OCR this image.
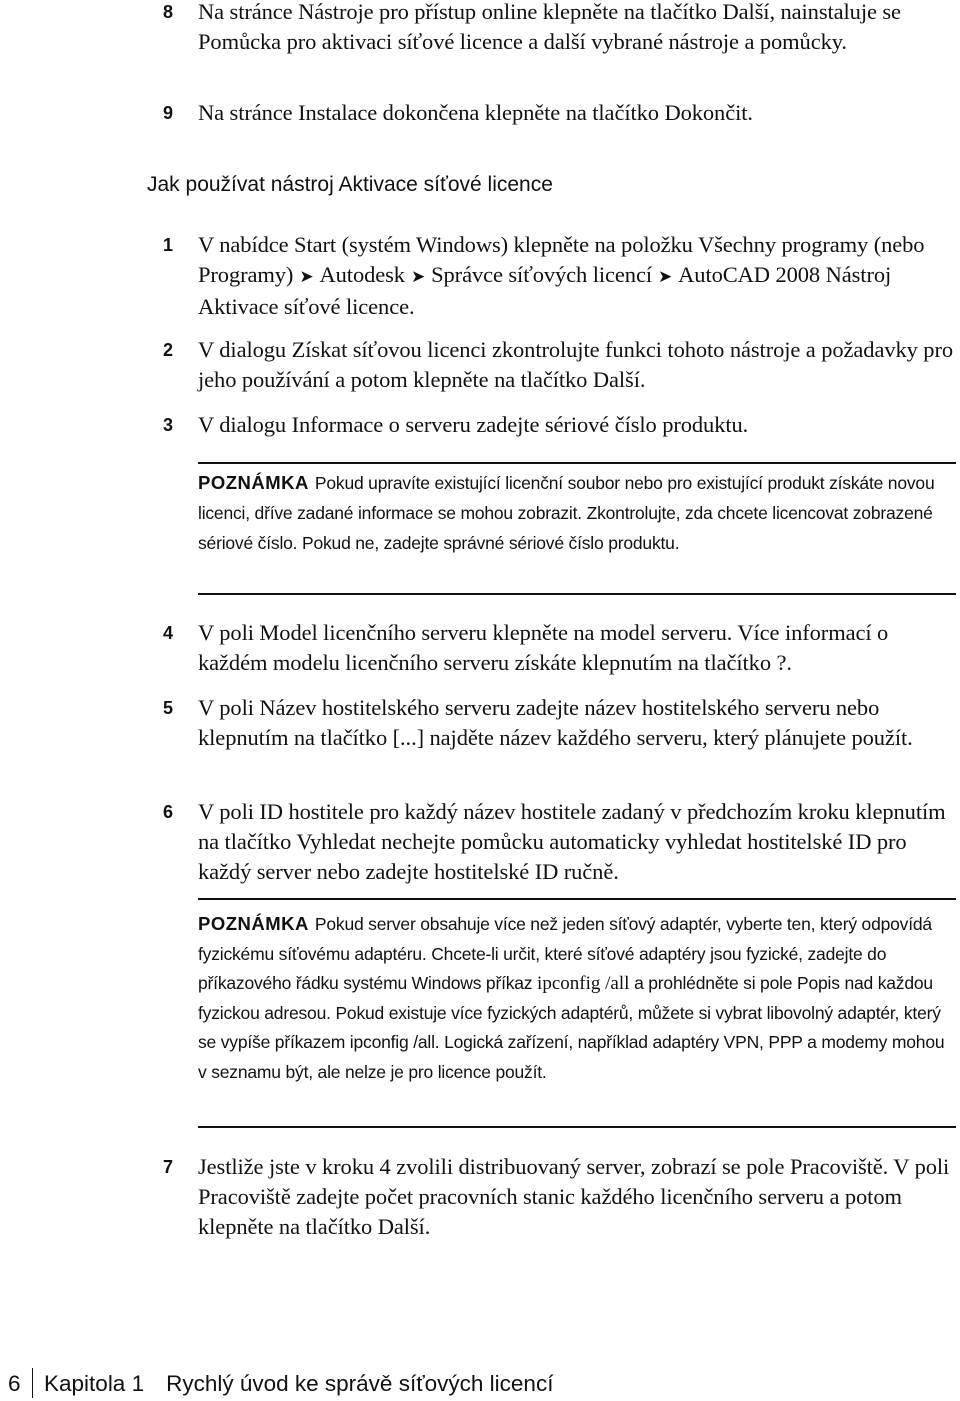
8	Na stránce Nástroje pro přístup online klepněte na tlačítko Další, nainstaluje se Pomůcka pro aktivaci síťové licence a další vybrané nástroje a pomůcky.
9	Na stránce Instalace dokončena klepněte na tlačítko Dokončit.
Jak používat nástroj Aktivace síťové licence
1	V nabídce Start (systém Windows) klepněte na položku Všechny programy (nebo Programy) ➤ Autodesk ➤ Správce síťových licencí ➤ AutoCAD 2008 Nástroj Aktivace síťové licence.
2	V dialogu Získat síťovou licenci zkontrolujte funkci tohoto nástroje a požadavky pro jeho používání a potom klepněte na tlačítko Další.
3	V dialogu Informace o serveru zadejte sériové číslo produktu.
POZNÁMKA Pokud upravíte existující licenční soubor nebo pro existující produkt získáte novou licenci, dříve zadané informace se mohou zobrazit. Zkontrolujte, zda chcete licencovat zobrazené sériové číslo. Pokud ne, zadejte správné sériové číslo produktu.
4	V poli Model licenčního serveru klepněte na model serveru. Více informací o každém modelu licenčního serveru získáte klepnutím na tlačítko ?.
5	V poli Název hostitelského serveru zadejte název hostitelského serveru nebo klepnutím na tlačítko [...] najděte název každého serveru, který plánujete použít.
6	V poli ID hostitele pro každý název hostitele zadaný v předchozím kroku klepnutím na tlačítko Vyhledat nechejte pomůcku automaticky vyhledat hostitelské ID pro každý server nebo zadejte hostitelské ID ručně.
POZNÁMKA Pokud server obsahuje více než jeden síťový adaptér, vyberte ten, který odpovídá fyzickému síťovému adaptéru. Chcete-li určit, které síťové adaptéry jsou fyzické, zadejte do příkazového řádku systému Windows příkaz ipconfig /all a prohlédněte si pole Popis nad každou fyzickou adresou. Pokud existuje více fyzických adaptérů, můžete si vybrat libovolný adaptér, který se vypíše příkazem ipconfig /all. Logická zařízení, například adaptéry VPN, PPP a modemy mohou v seznamu být, ale nelze je pro licence použít.
7	Jestliže jste v kroku 4 zvolili distribuovaný server, zobrazí se pole Pracoviště. V poli Pracoviště zadejte počet pracovních stanic každého licenčního serveru a potom klepněte na tlačítko Další.
6 Kapitola 1 Rychlý úvod ke správě síťových licencí
